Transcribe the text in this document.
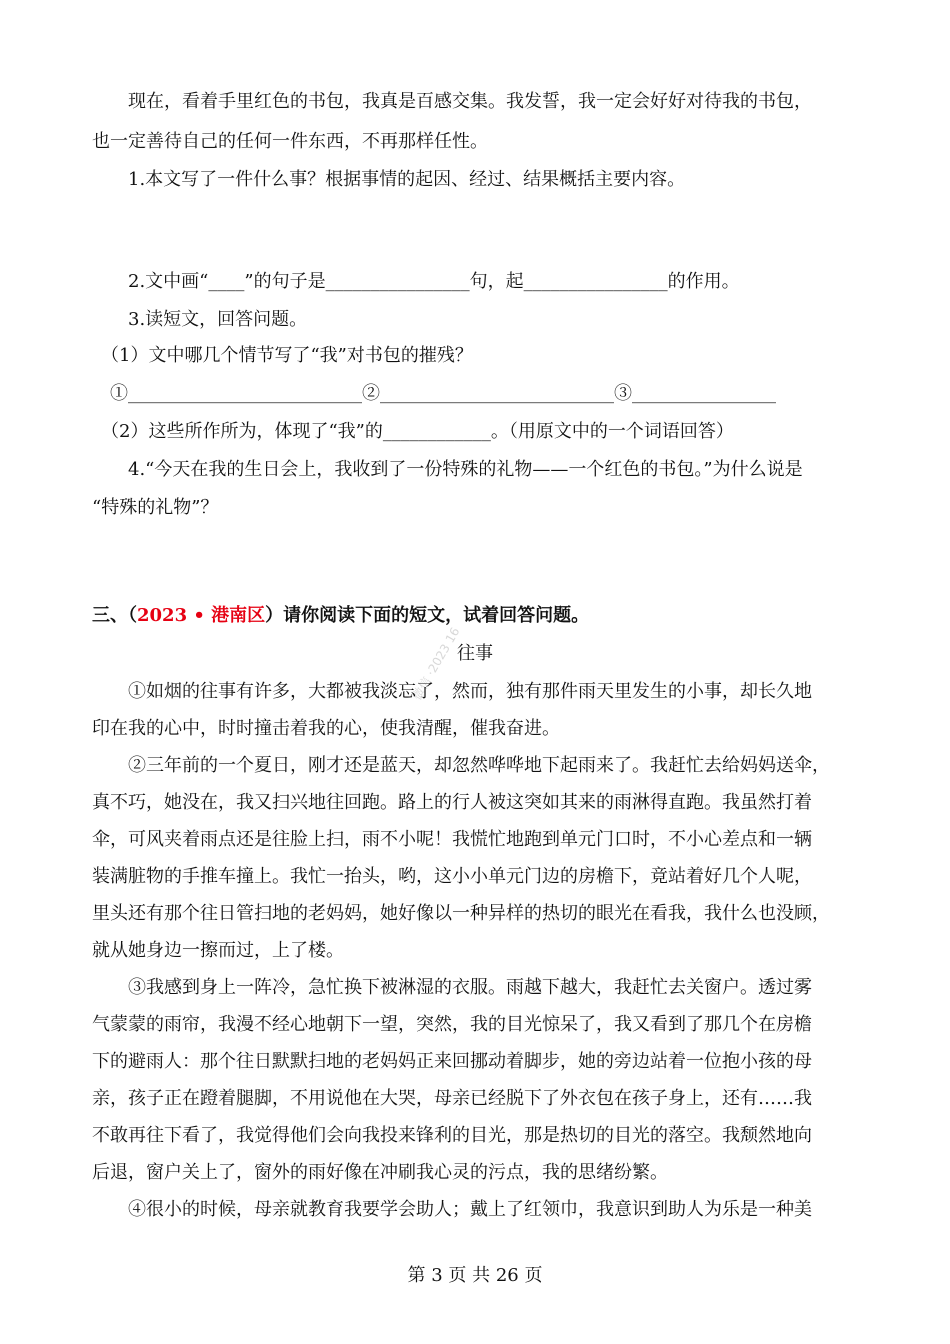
　　现在，看着手里红色的书包，我真是百感交集。我发誓，我一定会好好对待我的书包，
也一定善待自己的任何一件东西，不再那样任性。
　　1.本文写了一件什么事？根据事情的起因、经过、结果概括主要内容。
　　2.文中画“____”的句子是________________句，起________________的作用。
　　3.读短文，回答问题。
　（1）文中哪几个情节写了“我”对书包的摧残？
　①__________________________②__________________________③________________
　（2）这些所作所为，体现了“我”的____________。（用原文中的一个词语回答）
　　4.“今天在我的生日会上，我收到了一份特殊的礼物——一个红色的书包。”为什么说是
“特殊的礼物”？
三、（2023 • 港南区）请你阅读下面的短文，试着回答问题。
往事
微信 ·2023 16
　　①如烟的往事有许多，大都被我淡忘了，然而，独有那件雨天里发生的小事，却长久地
印在我的心中，时时撞击着我的心，使我清醒，催我奋进。
　　②三年前的一个夏日，刚才还是蓝天，却忽然哗哗地下起雨来了。我赶忙去给妈妈送伞，
真不巧，她没在，我又扫兴地往回跑。路上的行人被这突如其来的雨淋得直跑。我虽然打着
伞，可风夹着雨点还是往脸上扫，雨不小呢！我慌忙地跑到单元门口时，不小心差点和一辆
装满脏物的手推车撞上。我忙一抬头，哟，这小小单元门边的房檐下，竟站着好几个人呢，
里头还有那个往日管扫地的老妈妈，她好像以一种异样的热切的眼光在看我，我什么也没顾，
就从她身边一擦而过，上了楼。
　　③我感到身上一阵冷，急忙换下被淋湿的衣服。雨越下越大，我赶忙去关窗户。透过雾
气蒙蒙的雨帘，我漫不经心地朝下一望，突然，我的目光惊呆了，我又看到了那几个在房檐
下的避雨人：那个往日默默扫地的老妈妈正来回挪动着脚步，她的旁边站着一位抱小孩的母
亲，孩子正在蹬着腿脚，不用说他在大哭，母亲已经脱下了外衣包在孩子身上，还有……我
不敢再往下看了，我觉得他们会向我投来锋利的目光，那是热切的目光的落空。我颓然地向
后退，窗户关上了，窗外的雨好像在冲刷我心灵的污点，我的思绪纷繁。
　　④很小的时候，母亲就教育我要学会助人；戴上了红领巾，我意识到助人为乐是一种美
第 3 页 共 26 页
